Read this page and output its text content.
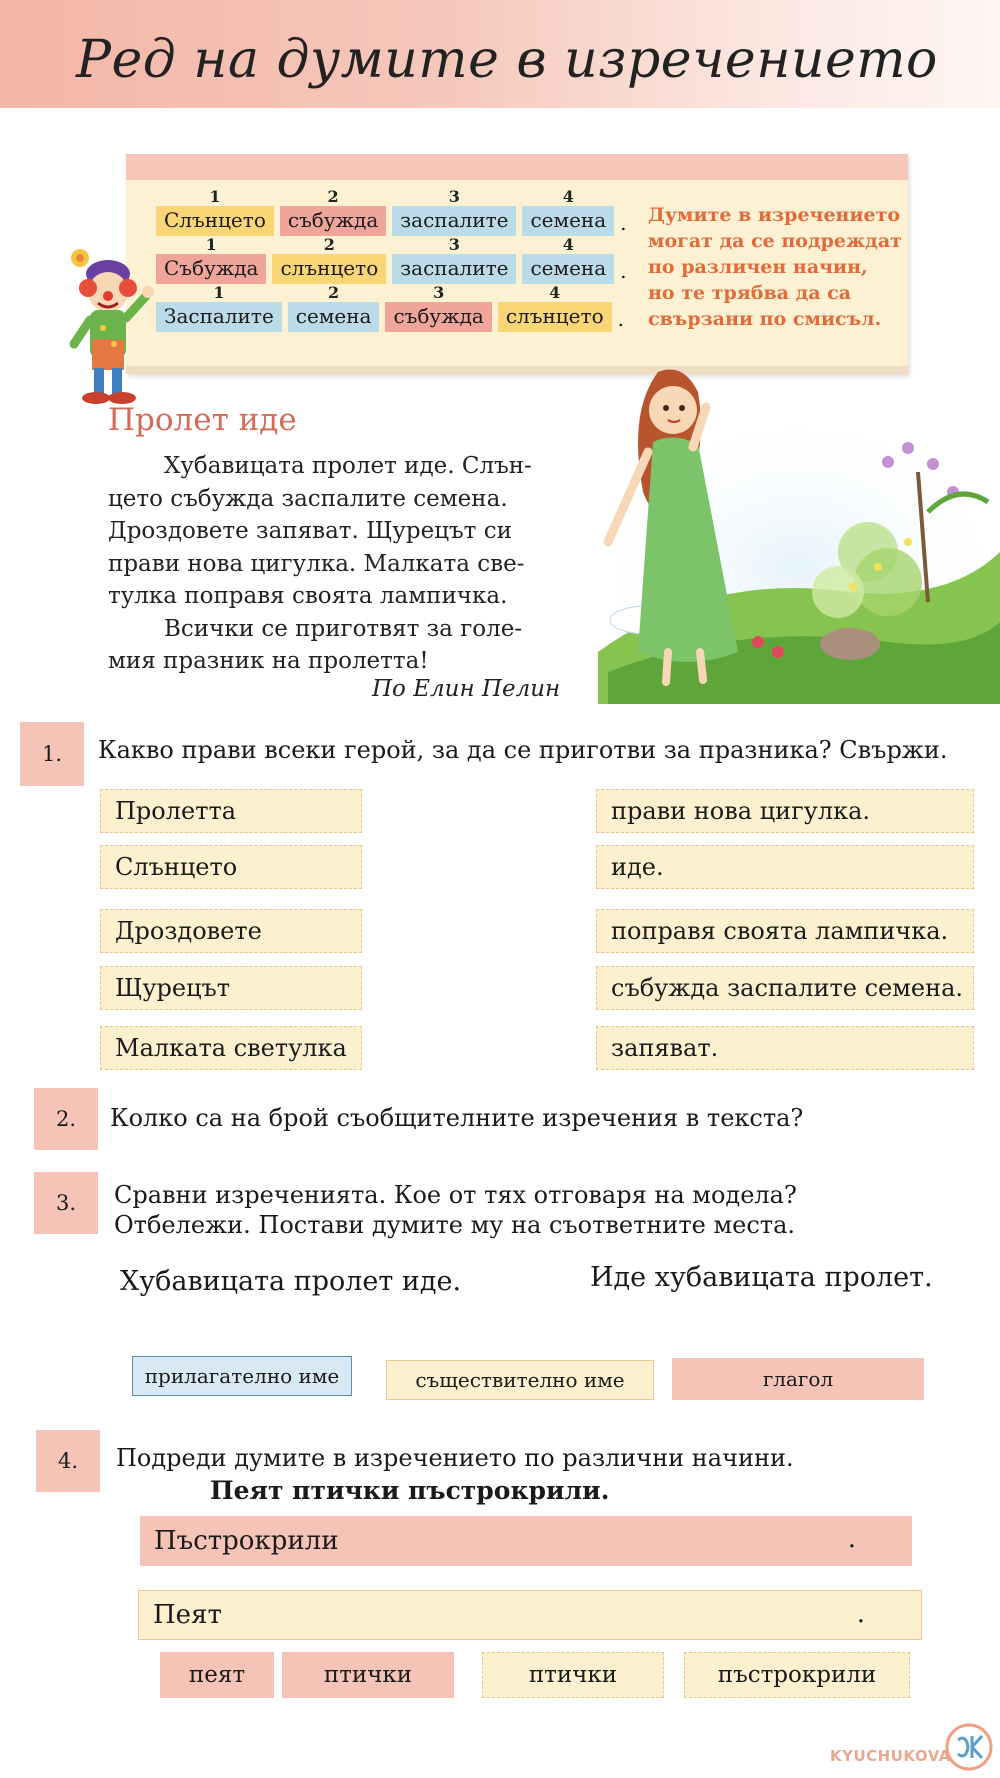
Ред на думите в изречението
1
Слънцето
2
събужда
3
заспалите
4
семена .
1
Събужда
2
слънцето
3
заспалите
4
семена .
1
Заспалите
2
семена
3
събужда
4
слънцето .
Думите в изречението
могат да се подреждат
по различен начин,
но те трябва да са
свързани по смисъл.
Пролет иде

Хубавицата пролет иде. Слън-

цето събужда заспалите семена.

Дроздовете запяват. Щурецът си

прави нова цигулка. Малката све-

тулка поправя своята лампичка.

Всички се приготвят за голе-

мия празник на пролетта!

По Елин Пелин
1.	Какво прави всеки герой, за да се приготви за празника? Свържи.
Пролетта
Слънцето
Дроздовете
Щурецът
Малката светулка
прави нова цигулка.
иде.
поправя своята лампичка.
събужда заспалите семена.
запяват.
2.	Колко са на брой съобщителните изречения в текста?
3.	Сравни изреченията. Кое от тях отговаря на модела?
Отбележи. Постави думите му на съответните места.
Хубавицата пролет иде.	Иде хубавицата пролет.
прилагателно име	съществително име	глагол
4.	Подреди думите в изречението по различни начини.
Пеят птички пъстрокрили.
Пъстрокрили	.
Пеят	.
пеят	птички	птички	пъстрокрили
KYUCHUKOVA
